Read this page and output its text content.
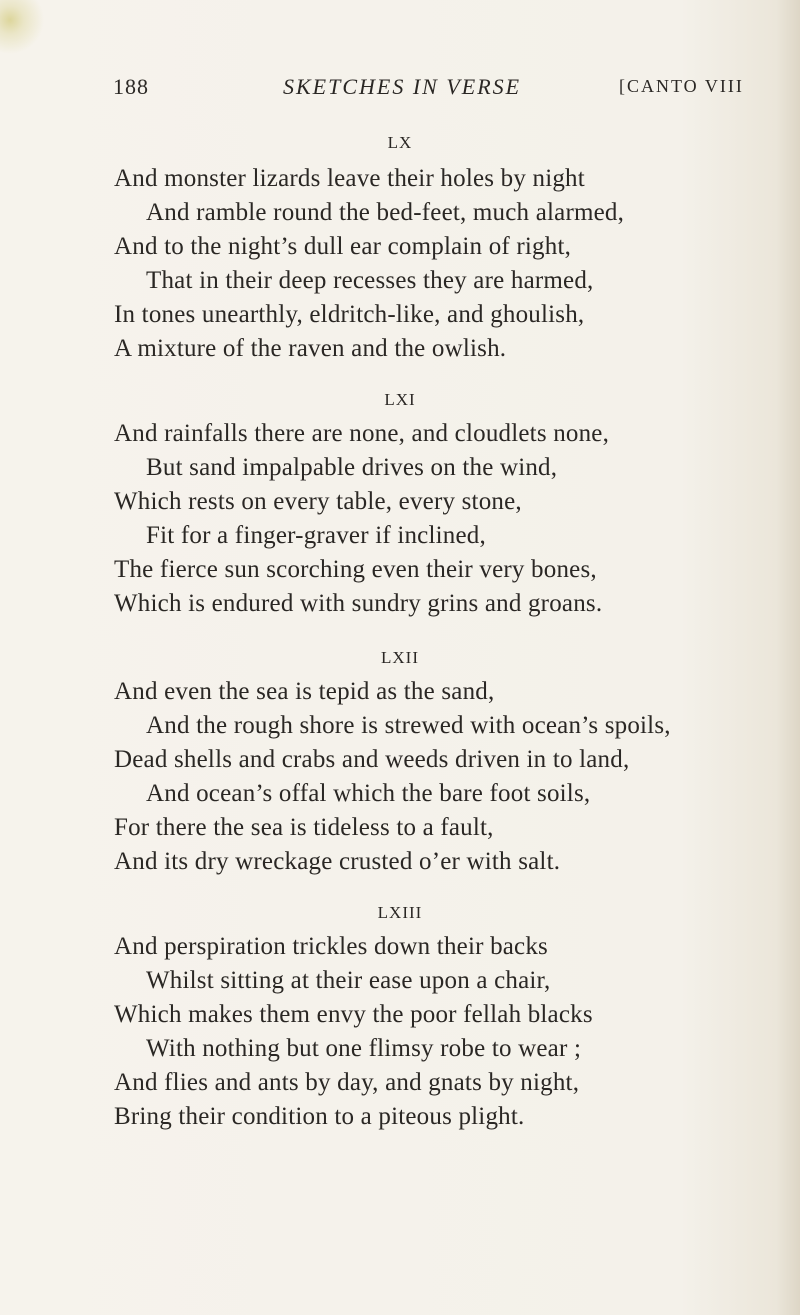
188	SKETCHES IN VERSE	[CANTO VIII
LX
And monster lizards leave their holes by night
And ramble round the bed-feet, much alarmed,
And to the night’s dull ear complain of right,
That in their deep recesses they are harmed,
In tones unearthly, eldritch-like, and ghoulish,
A mixture of the raven and the owlish.
LXI
And rainfalls there are none, and cloudlets none,
But sand impalpable drives on the wind,
Which rests on every table, every stone,
Fit for a finger-graver if inclined,
The fierce sun scorching even their very bones,
Which is endured with sundry grins and groans.
LXII
And even the sea is tepid as the sand,
And the rough shore is strewed with ocean’s spoils,
Dead shells and crabs and weeds driven in to land,
And ocean’s offal which the bare foot soils,
For there the sea is tideless to a fault,
And its dry wreckage crusted o’er with salt.
LXIII
And perspiration trickles down their backs
Whilst sitting at their ease upon a chair,
Which makes them envy the poor fellah blacks
With nothing but one flimsy robe to wear ;
And flies and ants by day, and gnats by night,
Bring their condition to a piteous plight.
